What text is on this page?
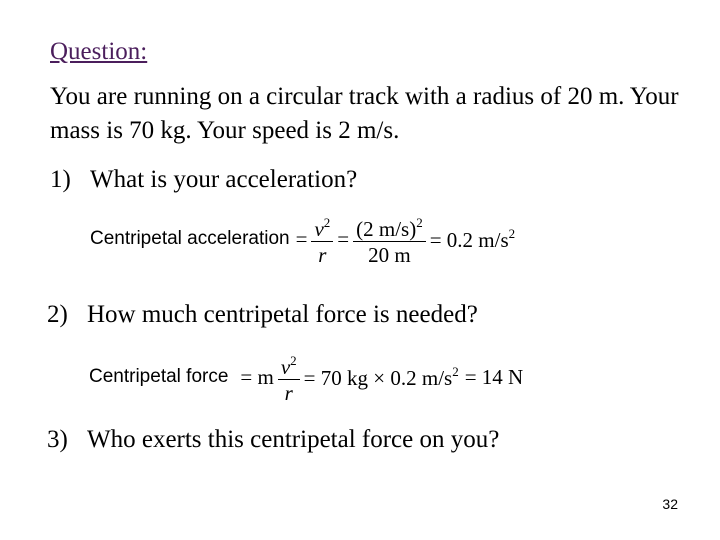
Question:
You are running on a circular track with a radius of 20 m. Your mass is 70 kg. Your speed is 2 m/s.
1) What is your acceleration?
Centripetal acceleration = $\frac{v^2}{r} = \frac{(2 m/s)^2}{20 m} = 0.2$ $m/s^2$
2) How much centripetal force is needed?
Centripetal force = m $\frac{v^2}{r} = 70$ kg × 0.2 $m/s^2 = 14$ N
3) Who exerts this centripetal force on you?
32
